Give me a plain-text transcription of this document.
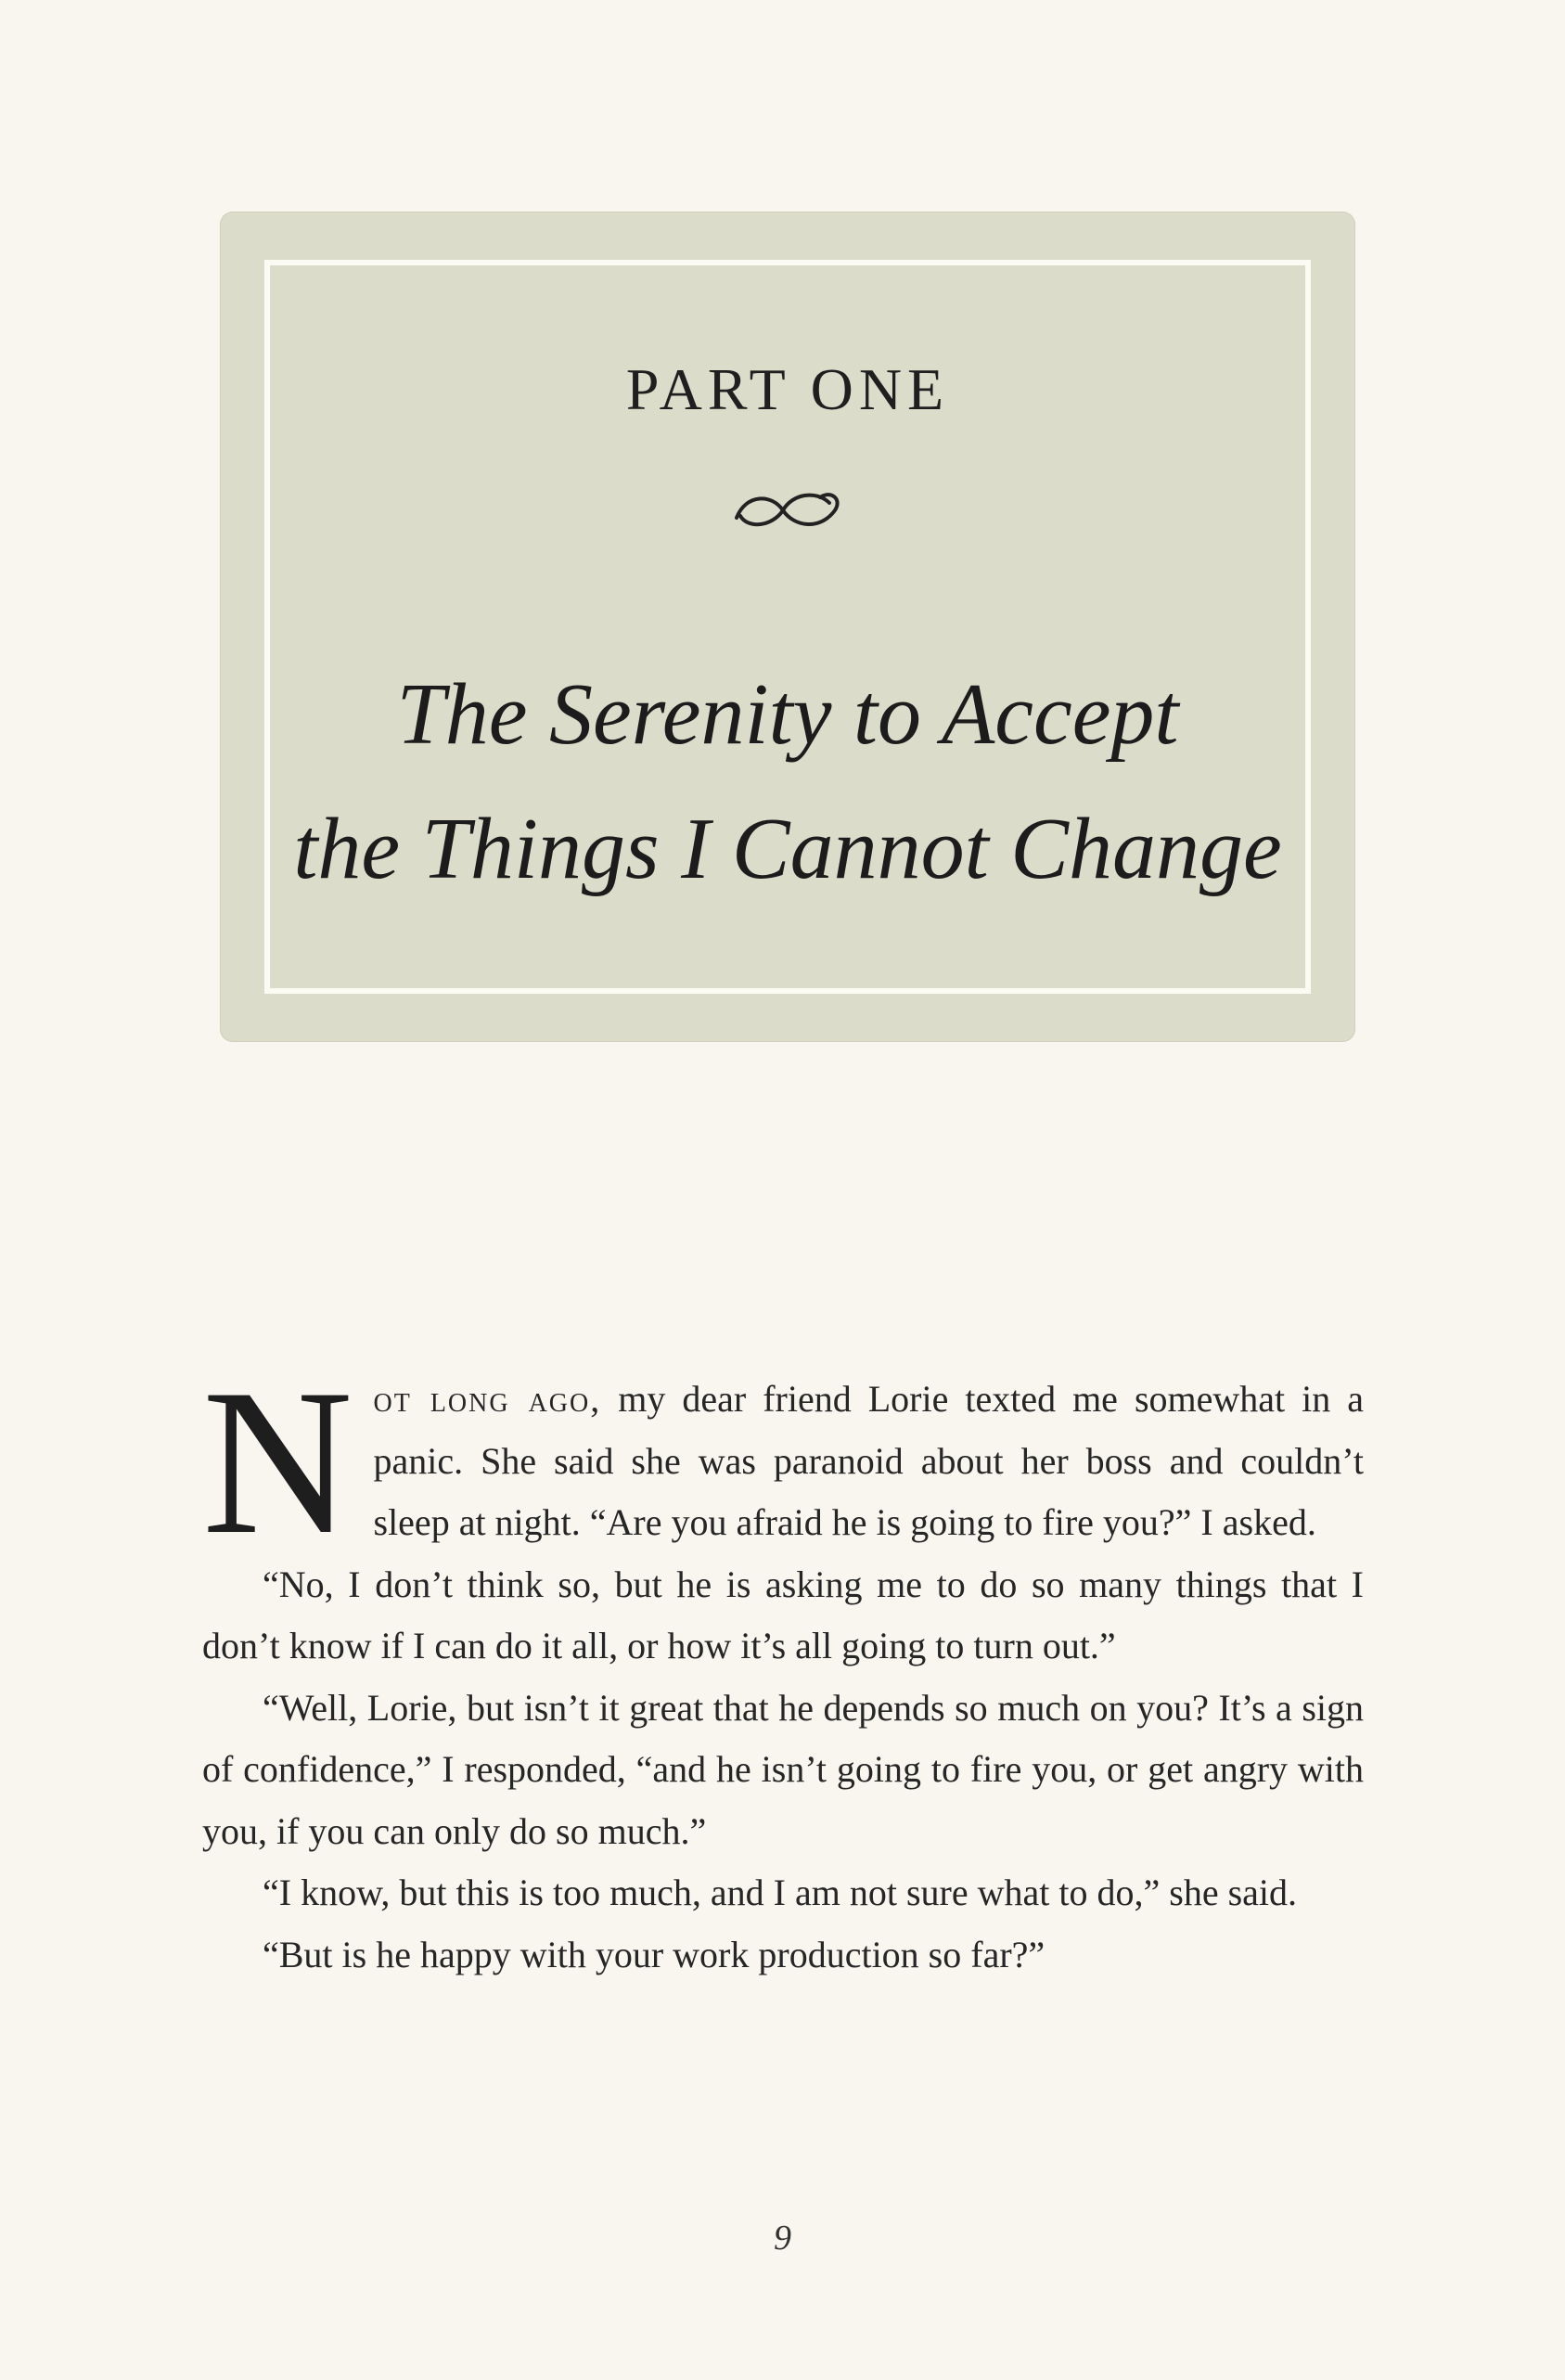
PART ONE
The Serenity to Accept
the Things I Cannot Change

Not long ago, my dear friend Lorie texted me somewhat in a panic. She said she was paranoid about her boss and couldn’t sleep at night. “Are you afraid he is going to fire you?” I asked.

“No, I don’t think so, but he is asking me to do so many things that I don’t know if I can do it all, or how it’s all going to turn out.”

“Well, Lorie, but isn’t it great that he depends so much on you? It’s a sign of confidence,” I responded, “and he isn’t going to fire you, or get angry with you, if you can only do so much.”

“I know, but this is too much, and I am not sure what to do,” she said.

“But is he happy with your work production so far?”

9
